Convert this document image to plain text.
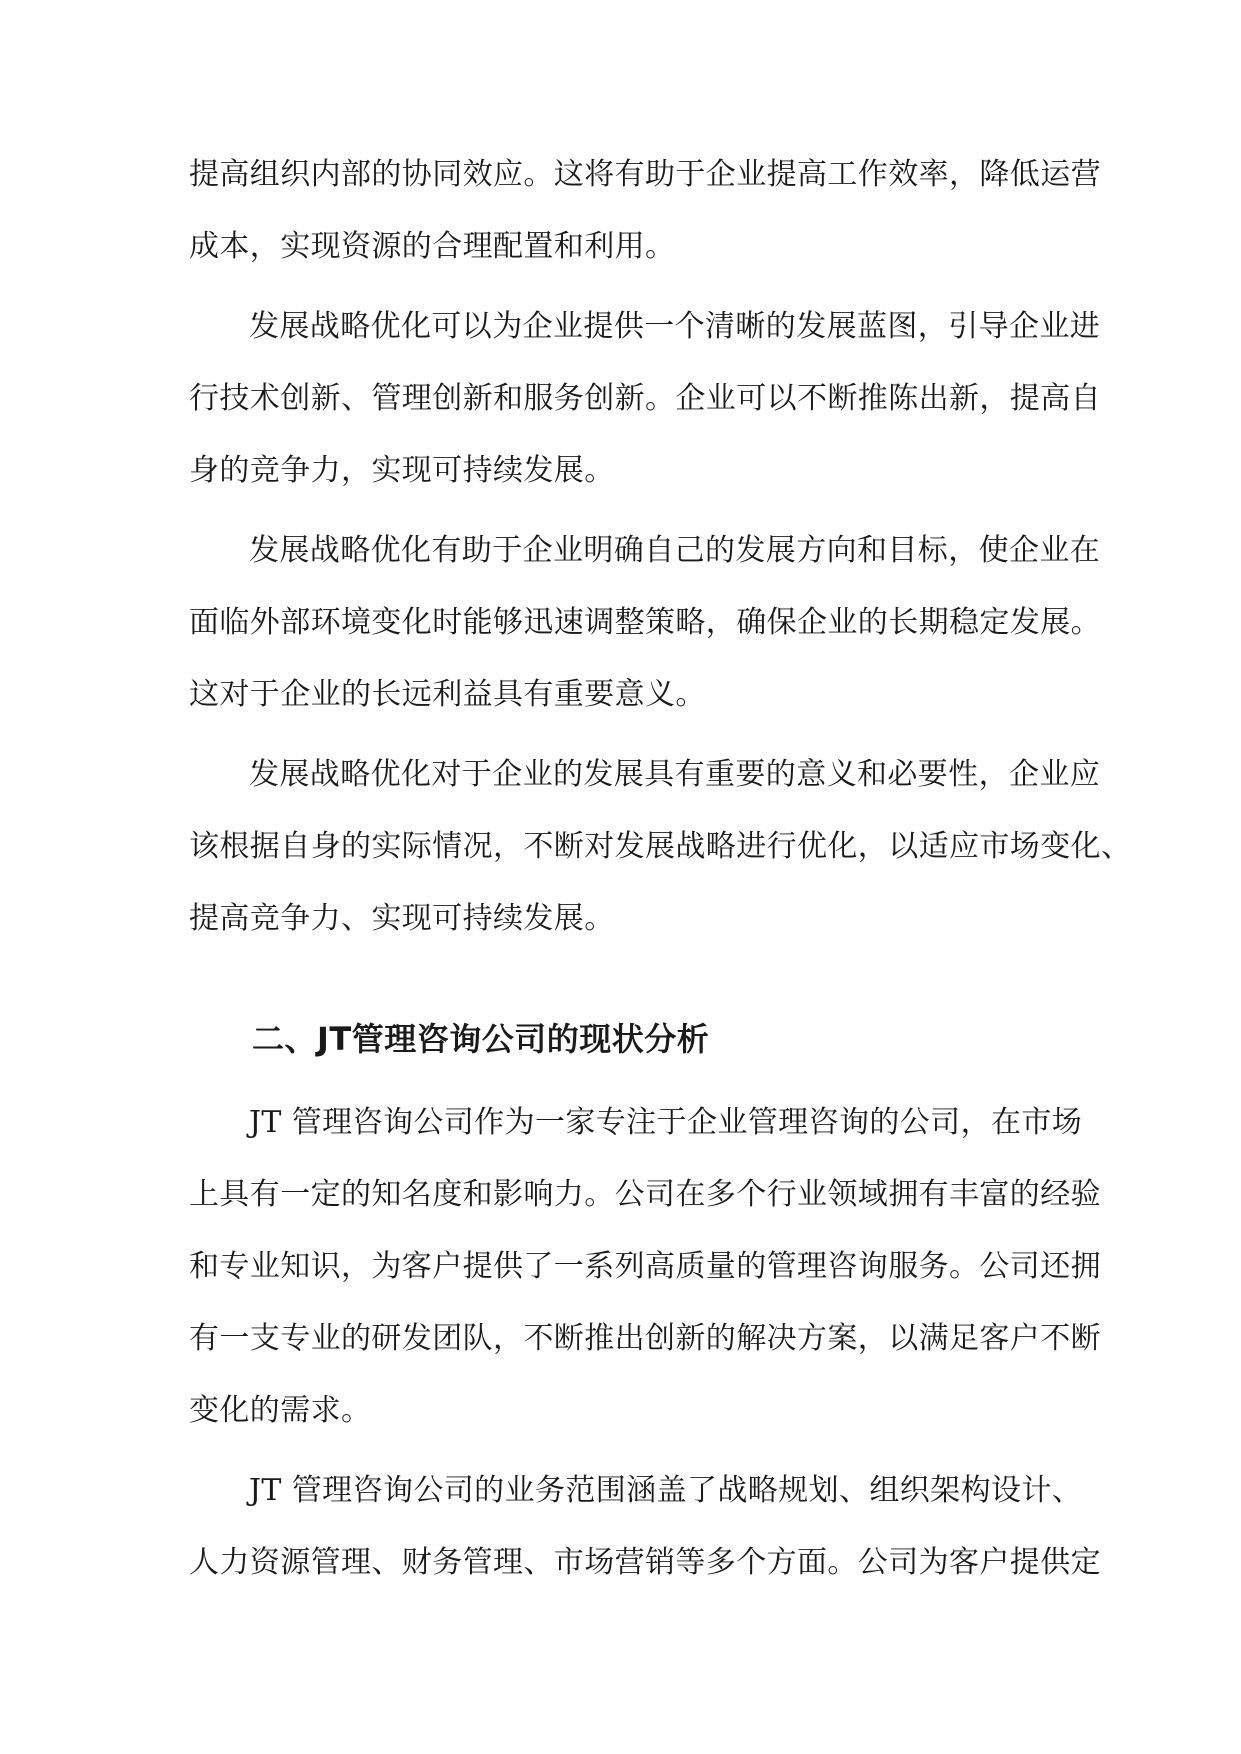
提高组织内部的协同效应。这将有助于企业提高工作效率，降低运营
成本，实现资源的合理配置和利用。
发展战略优化可以为企业提供一个清晰的发展蓝图，引导企业进
行技术创新、管理创新和服务创新。企业可以不断推陈出新，提高自
身的竞争力，实现可持续发展。
发展战略优化有助于企业明确自己的发展方向和目标，使企业在
面临外部环境变化时能够迅速调整策略，确保企业的长期稳定发展。
这对于企业的长远利益具有重要意义。
发展战略优化对于企业的发展具有重要的意义和必要性，企业应
该根据自身的实际情况，不断对发展战略进行优化，以适应市场变化、
提高竞争力、实现可持续发展。
二、JT管理咨询公司的现状分析
JT 管理咨询公司作为一家专注于企业管理咨询的公司，在市场
上具有一定的知名度和影响力。公司在多个行业领域拥有丰富的经验
和专业知识，为客户提供了一系列高质量的管理咨询服务。公司还拥
有一支专业的研发团队，不断推出创新的解决方案，以满足客户不断
变化的需求。
JT 管理咨询公司的业务范围涵盖了战略规划、组织架构设计、
人力资源管理、财务管理、市场营销等多个方面。公司为客户提供定
